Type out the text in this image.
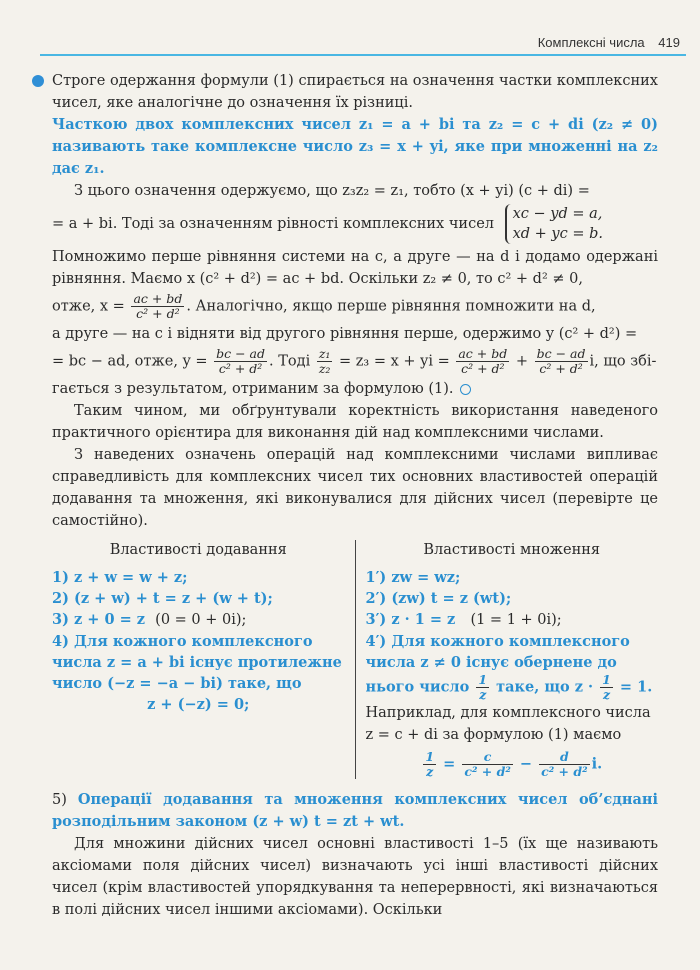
Комплексні числа 419

Строге одержання формули (1) спирається на означення частки комплексних чисел, яке аналогічне до означення їх різниці.

Часткою двох комплексних чисел z₁ = a + bi та z₂ = c + di (z₂ ≠ 0) називають таке комплексне число z₃ = x + yi, яке при множенні на z₂ дає z₁.

З цього означення одержуємо, що z₃z₂ = z₁, тобто (x + yi) (c + di) =

= a + bi. Тоді за означенням рівності комплексних чисел xc − yd = a,
xd + yc = b.

Помножимо перше рівняння системи на c, а друге — на d і додамо одержані рівняння. Маємо x (c² + d²) = ac + bd. Оскільки z₂ ≠ 0, то c² + d² ≠ 0,

отже, $x = \frac{ac + bd}{\text{c² + d²}}$ . Аналогічно, якщо перше рівняння помножити на d,

а друге — на c і відняти від другого рівняння перше, одержимо y (c² + d²) =

= bc − ad, отже, $y = \frac{bc - ad}{\text{c² + d²}}$ . Тоді $\frac{\text{z₁}}{\text{z₂}} = z_3 = x$ + yi = $\frac{ac + bd}{\text{c² + d²}} + \frac{bc - ad}{\text{c² + d²}} i$, що збі-

гається з результатом, отриманим за формулою (1).

Таким чином, ми обґрунтували коректність використання наведеного практичного орієнтира для виконання дій над комплексними числами.

З наведених означень операцій над комплексними числами випливає справедливість для комплексних чисел тих основних властивостей операцій додавання та множення, які виконувалися для дійсних чисел (перевірте це самостійно).

Властивості додавання
1) z + w = w + z;
2) (z + w) + t = z + (w + t);
3) z + 0 = z (0 = 0 + 0i);
4) Для кожного комплексного числа z = a + bi існує протилежне число (−z = −a − bi) таке, що
z + (−z) = 0;
Властивості множення
1′) zw = wz;
2′) (zw) t = z (wt);
3′) z · 1 = z (1 = 1 + 0i);
4′) Для кожного комплексного числа z ≠ 0 існує обернене до нього число $\frac{1}{z}$ таке, що $z \cdot \frac{1}{z} = 1$. Наприклад, для комплексного числа z = c + di за формулою (1) маємо
$\frac{1}{z} = \frac{c}{\text{c² + d²}} - \frac{d}{\text{c² + d²}} i$.

5) Операції додавання та множення комплексних чисел об’єднані розподільним законом (z + w) t = zt + wt.

Для множини дійсних чисел основні властивості 1–5 (їх ще називають аксіомами поля дійсних чисел) визначають усі інші властивості дійсних чисел (крім властивостей упорядкування та неперервності, які визначаються в полі дійсних чисел іншими аксіомами). Оскільки
